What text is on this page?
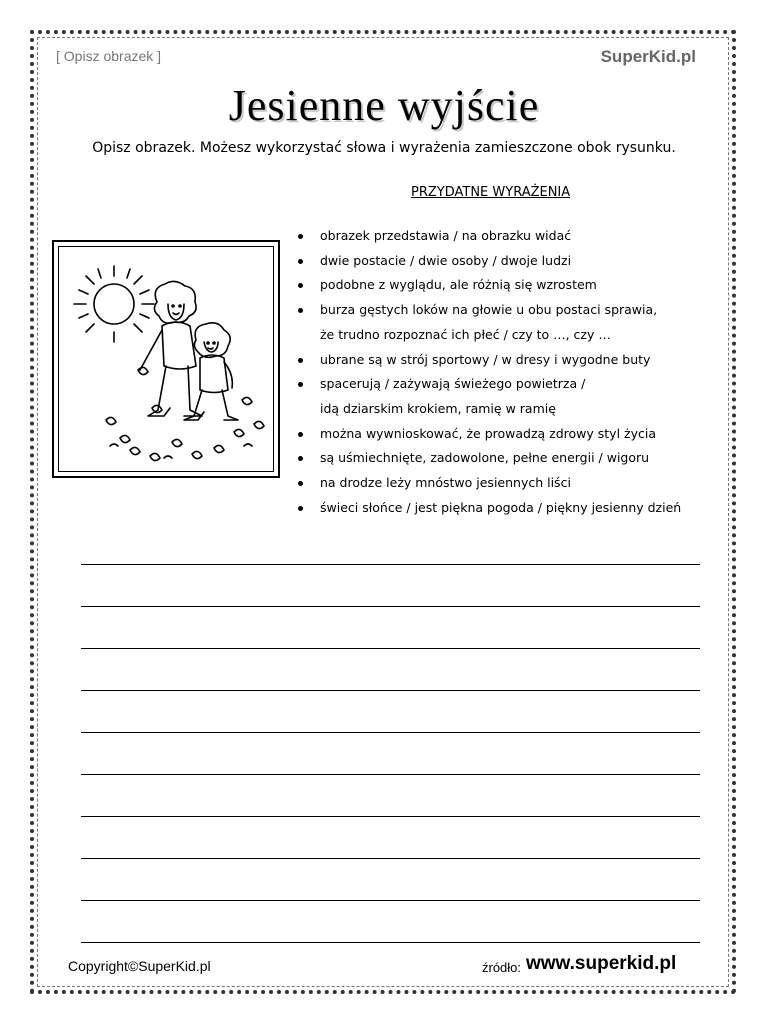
[ Opisz obrazek ]	SuperKid.pl
Jesienne wyjście
Opisz obrazek. Możesz wykorzystać słowa i wyrażenia zamieszczone obok rysunku.
PRZYDATNE WYRAŻENIA
obrazek przedstawia / na obrazku widać
dwie postacie / dwie osoby / dwoje ludzi
podobne z wyglądu, ale różnią się wzrostem
burza gęstych loków na głowie u obu postaci sprawia,
że trudno rozpoznać ich płeć / czy to …, czy …
ubrane są w strój sportowy / w dresy i wygodne buty
spacerują / zażywają świeżego powietrza /
idą dziarskim krokiem, ramię w ramię
można wywnioskować, że prowadzą zdrowy styl życia
są uśmiechnięte, zadowolone, pełne energii / wigoru
na drodze leży mnóstwo jesiennych liści
świeci słońce / jest piękna pogoda / piękny jesienny dzień
Copyright©SuperKid.pl	źródło: www.superkid.pl
